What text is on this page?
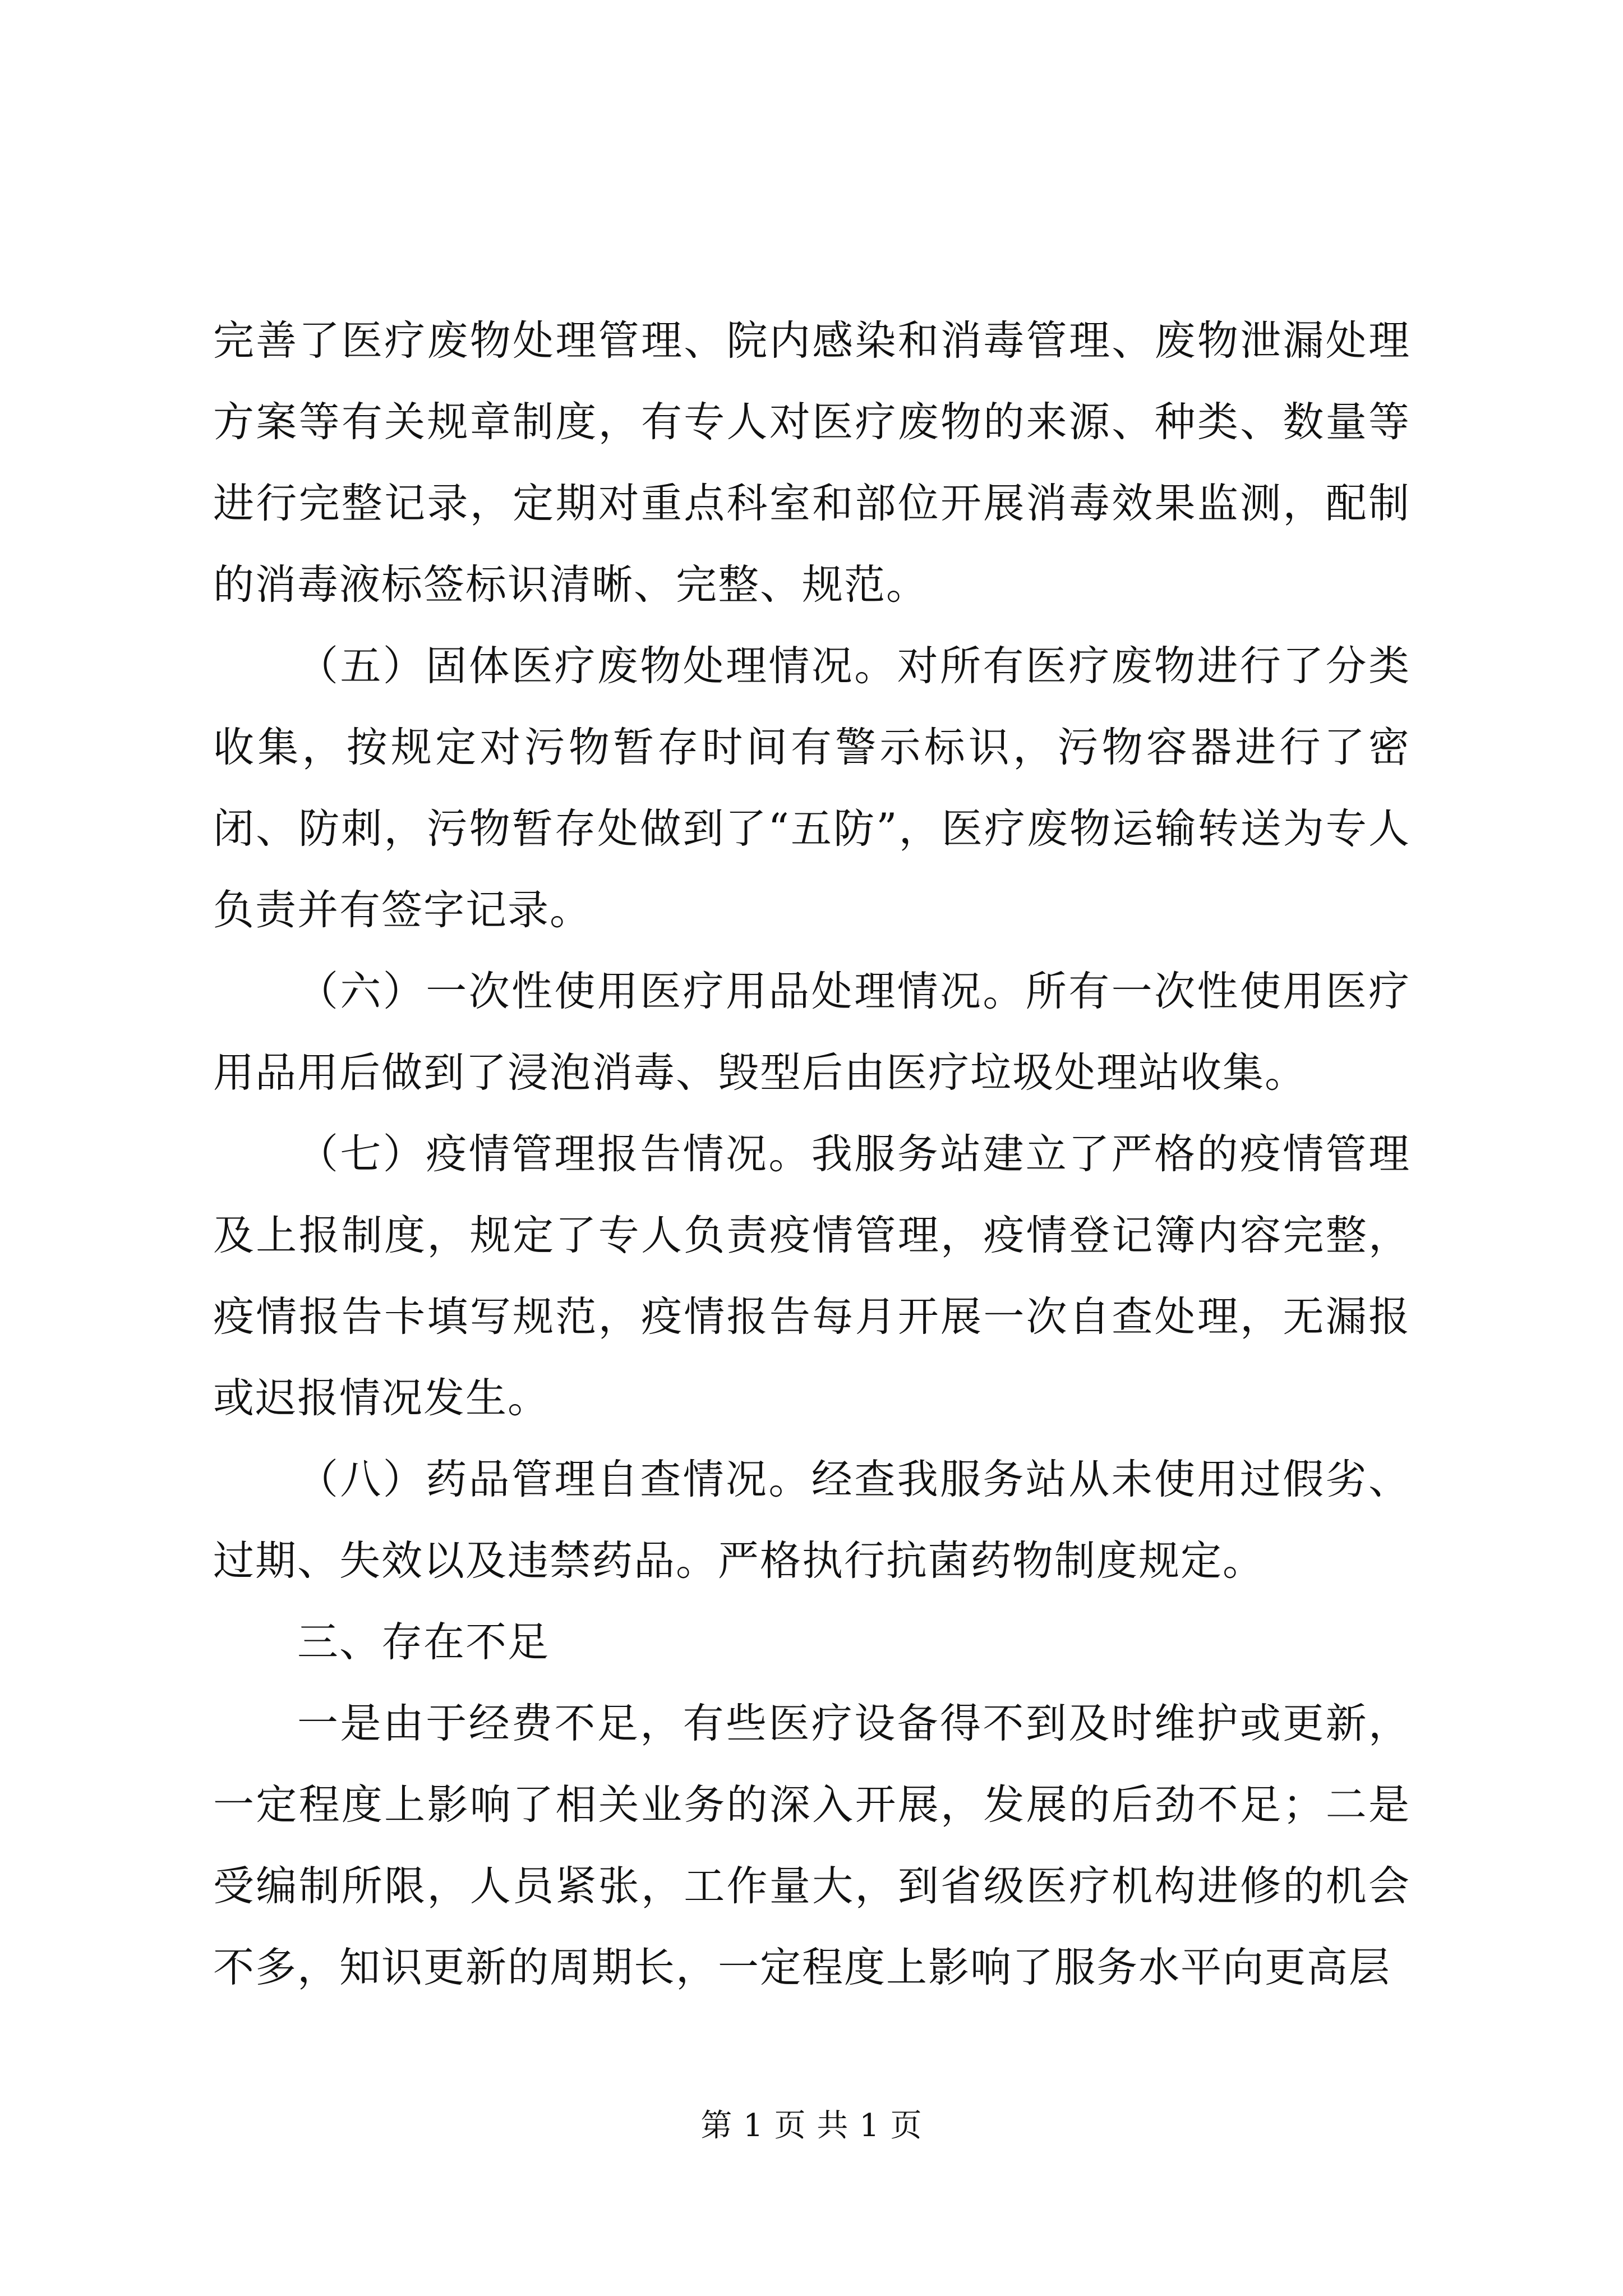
完善了医疗废物处理管理、院内感染和消毒管理、废物泄漏处理方案等有关规章制度，有专人对医疗废物的来源、种类、数量等进行完整记录，定期对重点科室和部位开展消毒效果监测，配制的消毒液标签标识清晰、完整、规范。

（五）固体医疗废物处理情况。对所有医疗废物进行了分类收集，按规定对污物暂存时间有警示标识，污物容器进行了密闭、防刺，污物暂存处做到了“五防”，医疗废物运输转送为专人负责并有签字记录。

（六）一次性使用医疗用品处理情况。所有一次性使用医疗用品用后做到了浸泡消毒、毁型后由医疗垃圾处理站收集。

（七）疫情管理报告情况。我服务站建立了严格的疫情管理及上报制度，规定了专人负责疫情管理，疫情登记簿内容完整，疫情报告卡填写规范，疫情报告每月开展一次自查处理，无漏报或迟报情况发生。

（八）药品管理自查情况。经查我服务站从未使用过假劣、过期、失效以及违禁药品。严格执行抗菌药物制度规定。

三、存在不足

一是由于经费不足，有些医疗设备得不到及时维护或更新，一定程度上影响了相关业务的深入开展，发展的后劲不足；二是受编制所限，人员紧张，工作量大，到省级医疗机构进修的机会不多，知识更新的周期长，一定程度上影响了服务水平向更高层

第 1 页 共 1 页
